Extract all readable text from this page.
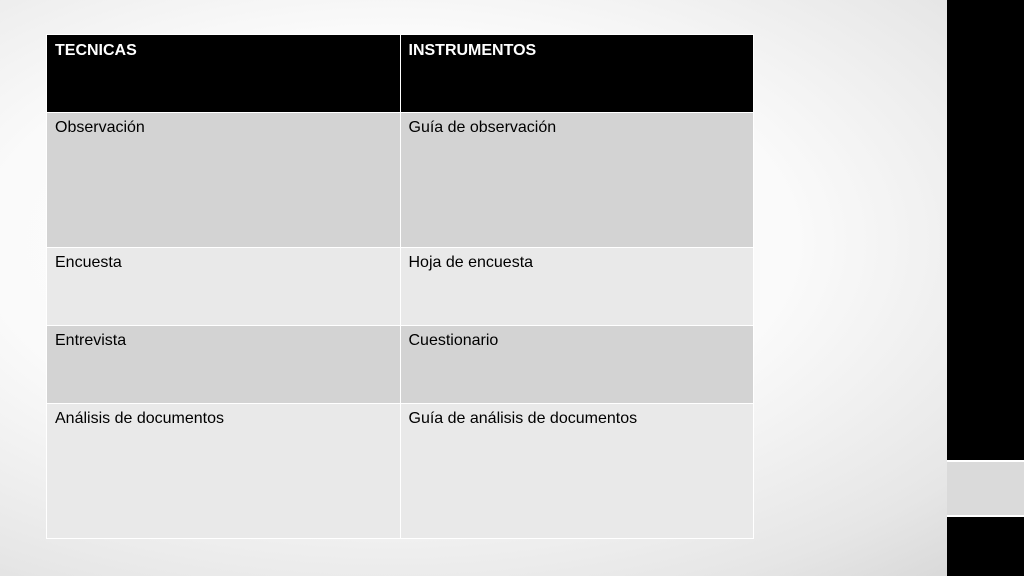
TECNICAS	INSTRUMENTOS
Observación	Guía de observación
Encuesta	Hoja de encuesta
Entrevista	Cuestionario
Análisis de documentos	Guía de análisis de documentos
